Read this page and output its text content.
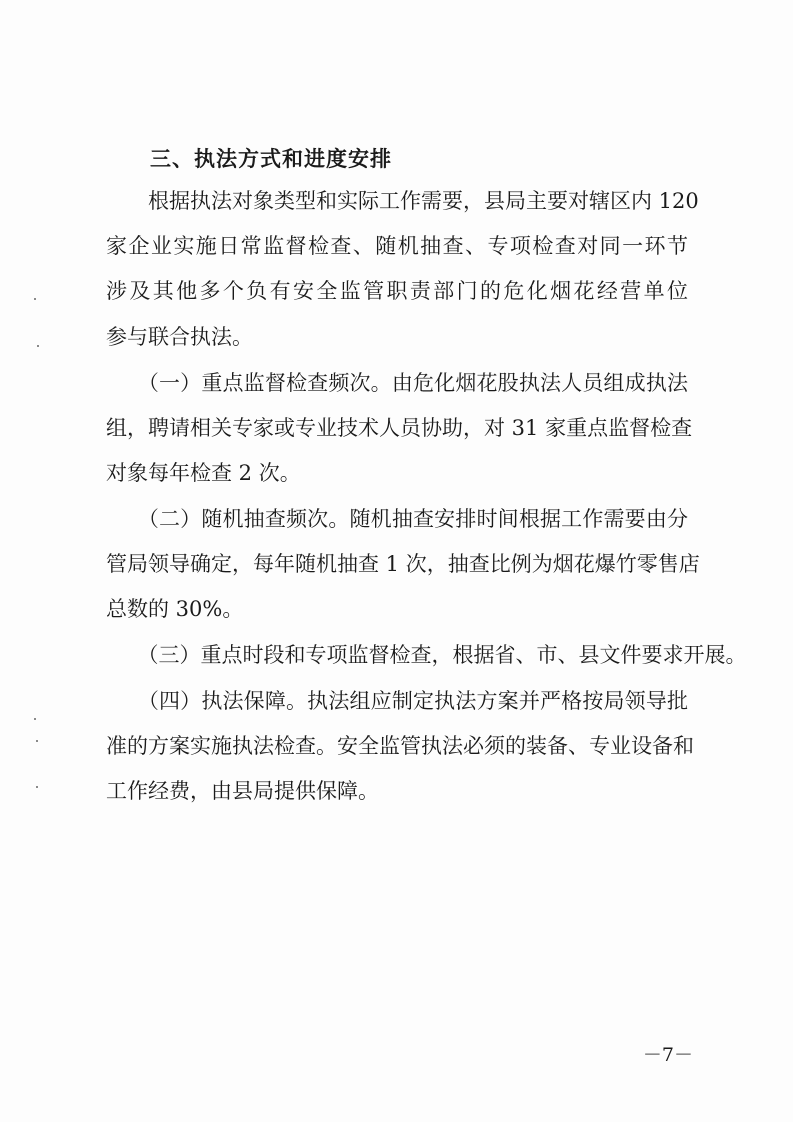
三、执法方式和进度安排
　　根据执法对象类型和实际工作需要，县局主要对辖区内 120
家企业实施日常监督检查、随机抽查、专项检查对同一环节
涉及其他多个负有安全监管职责部门的危化烟花经营单位
参与联合执法。
　　（一）重点监督检查频次。由危化烟花股执法人员组成执法
组，聘请相关专家或专业技术人员协助，对 31 家重点监督检查
对象每年检查 2 次。
　　（二）随机抽查频次。随机抽查安排时间根据工作需要由分
管局领导确定，每年随机抽查 1 次，抽查比例为烟花爆竹零售店
总数的 30%。
　　（三）重点时段和专项监督检查，根据省、市、县文件要求开展。
　　（四）执法保障。执法组应制定执法方案并严格按局领导批
准的方案实施执法检查。安全监管执法必须的装备、专业设备和
工作经费，由县局提供保障。
－7－
